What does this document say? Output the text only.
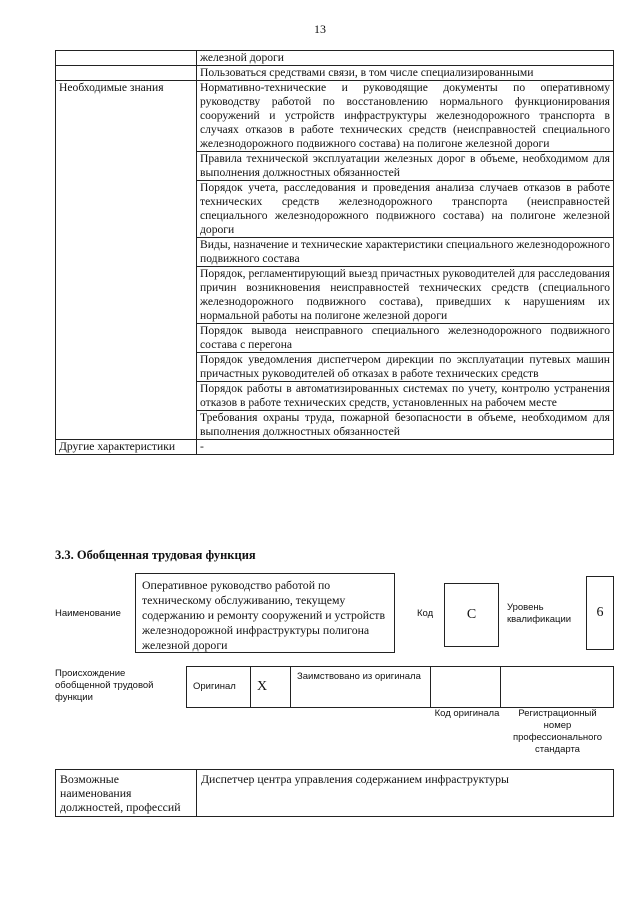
13
	железной дороги
	Пользоваться средствами связи, в том числе специализированными
Необходимые знания	Нормативно-технические и руководящие документы по оперативному руководству работой по восстановлению нормального функционирования сооружений и устройств инфраструктуры железнодорожного транспорта в случаях отказов в работе технических средств (неисправностей специального железнодорожного подвижного состава) на полигоне железной дороги
	Правила технической эксплуатации железных дорог в объеме, необходимом для выполнения должностных обязанностей
	Порядок учета, расследования и проведения анализа случаев отказов в работе технических средств железнодорожного транспорта (неисправностей специального железнодорожного подвижного состава) на полигоне железной дороги
	Виды, назначение и технические характеристики специального железнодорожного подвижного состава
	Порядок, регламентирующий выезд причастных руководителей для расследования причин возникновения неисправностей технических средств (специального железнодорожного подвижного состава), приведших к нарушениям их нормальной работы на полигоне железной дороги
	Порядок вывода неисправного специального железнодорожного подвижного состава с перегона
	Порядок уведомления диспетчером дирекции по эксплуатации путевых машин причастных руководителей об отказах в работе технических средств
	Порядок работы в автоматизированных системах по учету, контролю устранения отказов в работе технических средств, установленных на рабочем месте
	Требования охраны труда, пожарной безопасности в объеме, необходимом для выполнения должностных обязанностей
Другие характеристики	-
3.3. Обобщенная трудовая функция
Наименование
Оперативное руководство работой по техническому обслуживанию, текущему содержанию и ремонту сооружений и устройств железнодорожной инфраструктуры полигона железной дороги
Код	C	Уровень квалификации	6
Происхождение обобщенной трудовой функции
Оригинал	X	Заимствовано из оригинала		
Код оригинала	Регистрационный номер профессионального стандарта
Возможные наименования должностей, профессий	Диспетчер центра управления содержанием инфраструктуры
